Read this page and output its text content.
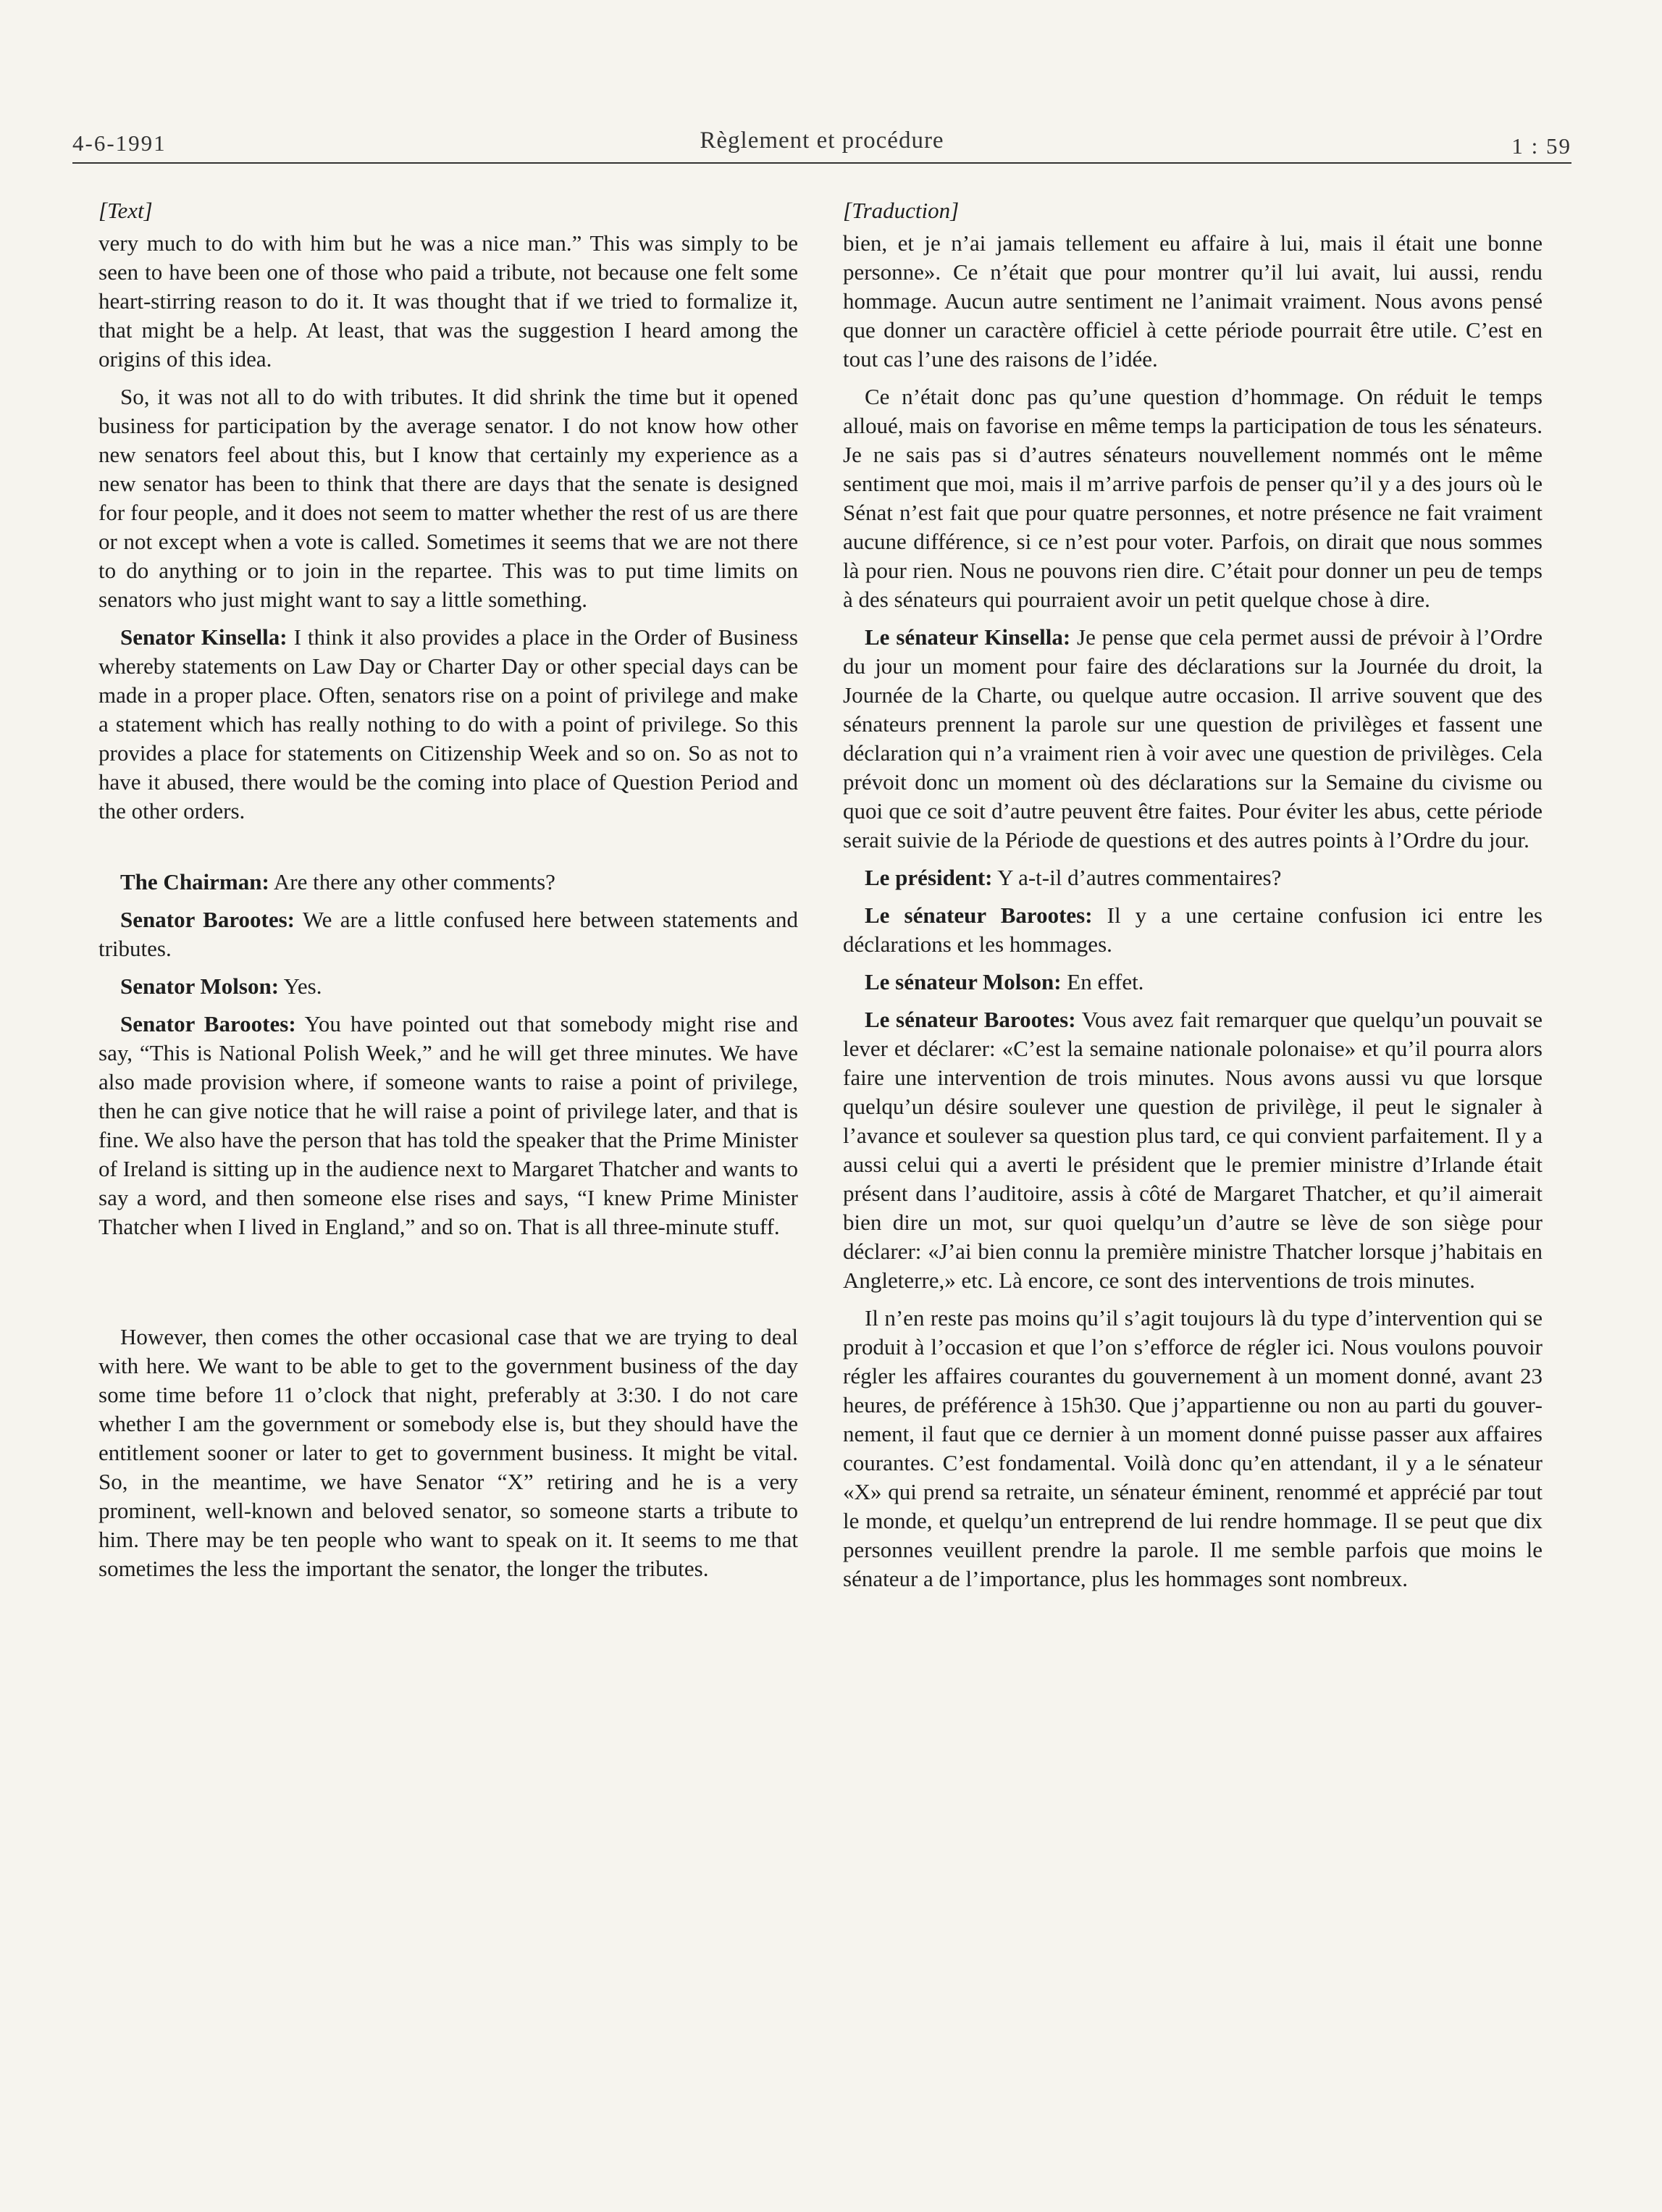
4-6-1991	Règlement et procédure	1 : 59

[Text]

very much to do with him but he was a nice man.” This was simply to be seen to have been one of those who paid a tribute, not because one felt some heart-stirring reason to do it. It was thought that if we tried to formalize it, that might be a help. At least, that was the suggestion I heard among the origins of this idea.

So, it was not all to do with tributes. It did shrink the time but it opened business for participation by the average senator. I do not know how other new senators feel about this, but I know that certainly my experience as a new senator has been to think that there are days that the senate is designed for four people, and it does not seem to matter whether the rest of us are there or not except when a vote is called. Sometimes it seems that we are not there to do anything or to join in the repartee. This was to put time limits on senators who just might want to say a little something.

Senator Kinsella: I think it also provides a place in the Order of Business whereby statements on Law Day or Charter Day or other special days can be made in a proper place. Often, senators rise on a point of privilege and make a statement which has really nothing to do with a point of privilege. So this provides a place for statements on Citizenship Week and so on. So as not to have it abused, there would be the coming into place of Question Period and the other orders.

The Chairman: Are there any other comments?

Senator Barootes: We are a little confused here between statements and tributes.

Senator Molson: Yes.

Senator Barootes: You have pointed out that somebody might rise and say, “This is National Polish Week,” and he will get three minutes. We have also made provision where, if someone wants to raise a point of privilege, then he can give notice that he will raise a point of privilege later, and that is fine. We also have the person that has told the speaker that the Prime Minister of Ireland is sitting up in the audience next to Margaret Thatcher and wants to say a word, and then someone else rises and says, “I knew Prime Minister Thatcher when I lived in England,” and so on. That is all three-minute stuff.

However, then comes the other occasional case that we are trying to deal with here. We want to be able to get to the government business of the day some time before 11 o’clock that night, preferably at 3:30. I do not care whether I am the government or somebody else is, but they should have the entitlement sooner or later to get to government business. It might be vital. So, in the meantime, we have Senator “X” retiring and he is a very prominent, well-known and beloved senator, so someone starts a tribute to him. There may be ten people who want to speak on it. It seems to me that sometimes the less the important the senator, the longer the tributes.

[Traduction]

bien, et je n’ai jamais tellement eu affaire à lui, mais il était une bonne personne». Ce n’était que pour montrer qu’il lui avait, lui aussi, rendu hommage. Aucun autre sentiment ne l’animait vraiment. Nous avons pensé que donner un caractère officiel à cette période pourrait être utile. C’est en tout cas l’une des raisons de l’idée.

Ce n’était donc pas qu’une question d’hommage. On réduit le temps alloué, mais on favorise en même temps la participation de tous les sénateurs. Je ne sais pas si d’autres sénateurs nouvellement nommés ont le même sentiment que moi, mais il m’arrive parfois de penser qu’il y a des jours où le Sénat n’est fait que pour quatre personnes, et notre présence ne fait vraiment aucune différence, si ce n’est pour voter. Parfois, on dirait que nous sommes là pour rien. Nous ne pouvons rien dire. C’était pour donner un peu de temps à des sénateurs qui pourraient avoir un petit quelque chose à dire.

Le sénateur Kinsella: Je pense que cela permet aussi de prévoir à l’Ordre du jour un moment pour faire des déclarations sur la Journée du droit, la Journée de la Charte, ou quelque autre occasion. Il arrive souvent que des sénateurs prennent la parole sur une question de privilèges et fassent une déclaration qui n’a vraiment rien à voir avec une question de privilèges. Cela prévoit donc un moment où des déclarations sur la Semaine du civisme ou quoi que ce soit d’autre peuvent être faites. Pour éviter les abus, cette période serait suivie de la Période de questions et des autres points à l’Ordre du jour.

Le président: Y a-t-il d’autres commentaires?

Le sénateur Barootes: Il y a une certaine confusion ici entre les déclarations et les hommages.

Le sénateur Molson: En effet.

Le sénateur Barootes: Vous avez fait remarquer que quelqu’un pouvait se lever et déclarer: «C’est la semaine nationale polonaise» et qu’il pourra alors faire une intervention de trois minutes. Nous avons aussi vu que lorsque quelqu’un désire soulever une question de privilège, il peut le signaler à l’avance et soulever sa question plus tard, ce qui convient parfaitement. Il y a aussi celui qui a averti le président que le premier ministre d’Irlande était présent dans l’auditoire, assis à côté de Margaret Thatcher, et qu’il aimerait bien dire un mot, sur quoi quelqu’un d’autre se lève de son siège pour déclarer: «J’ai bien connu la première ministre Thatcher lorsque j’habitais en Angleterre,» etc. Là encore, ce sont des interventions de trois minutes.

Il n’en reste pas moins qu’il s’agit toujours là du type d’intervention qui se produit à l’occasion et que l’on s’efforce de régler ici. Nous voulons pouvoir régler les affaires courantes du gouvernement à un moment donné, avant 23 heures, de préférence à 15h30. Que j’appartienne ou non au parti du gouvernement, il faut que ce dernier à un moment donné puisse passer aux affaires courantes. C’est fondamental. Voilà donc qu’en attendant, il y a le sénateur «X» qui prend sa retraite, un sénateur éminent, renommé et apprécié par tout le monde, et quelqu’un entreprend de lui rendre hommage. Il se peut que dix personnes veuillent prendre la parole. Il me semble parfois que moins le sénateur a de l’importance, plus les hommages sont nombreux.
